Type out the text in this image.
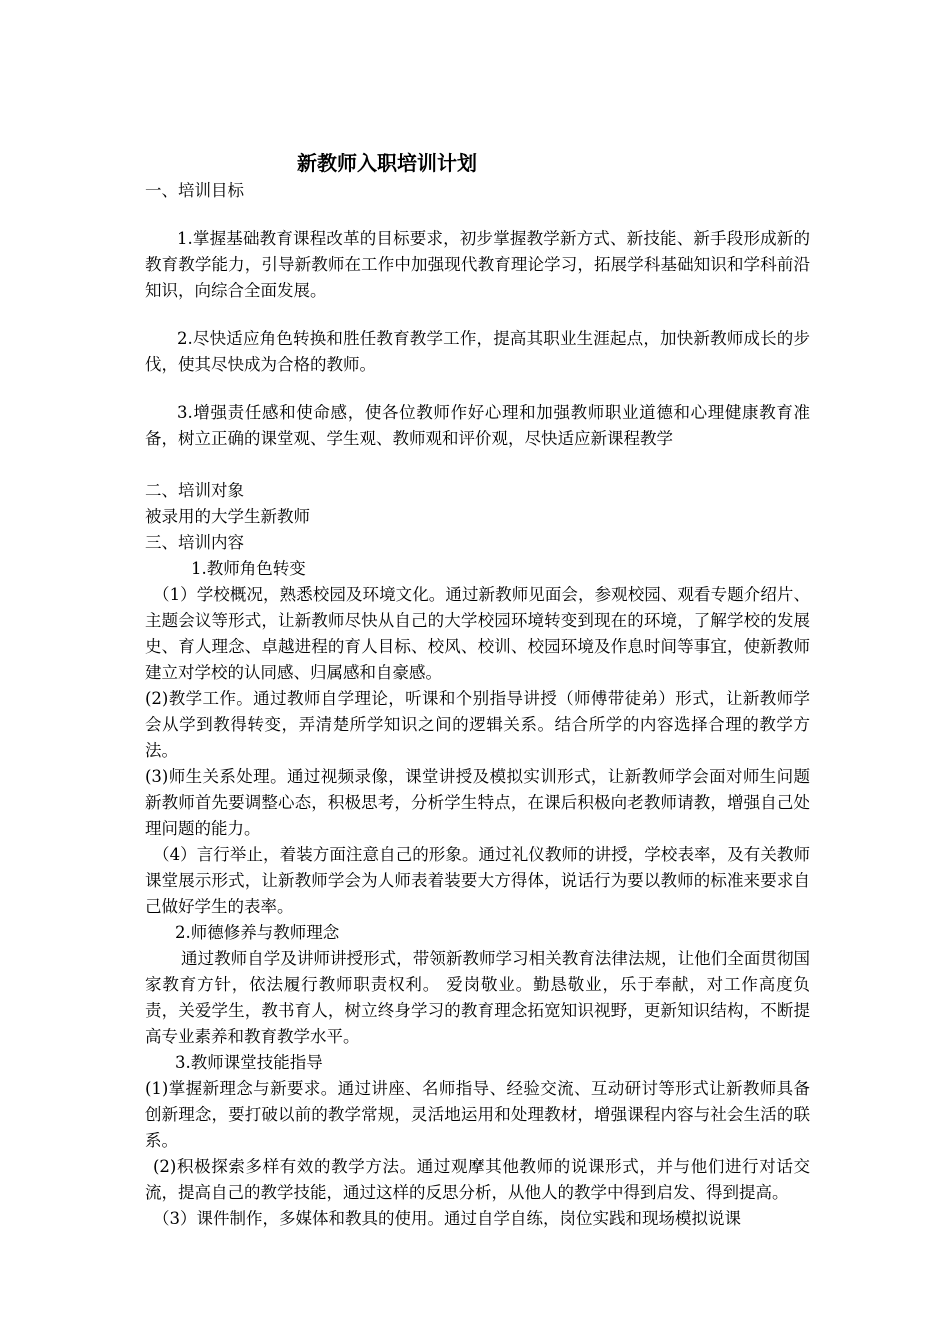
新教师入职培训计划

一、培训目标

1.掌握基础教育课程改革的目标要求，初步掌握教学新方式、新技能、新手段形成新的教育教学能力，引导新教师在工作中加强现代教育理论学习，拓展学科基础知识和学科前沿知识，向综合全面发展。

2.尽快适应角色转换和胜任教育教学工作，提高其职业生涯起点，加快新教师成长的步伐，使其尽快成为合格的教师。

3.增强责任感和使命感，使各位教师作好心理和加强教师职业道德和心理健康教育准备，树立正确的课堂观、学生观、教师观和评价观，尽快适应新课程教学

二、培训对象

被录用的大学生新教师

三、培训内容

1.教师角色转变

（1）学校概况，熟悉校园及环境文化。通过新教师见面会，参观校园、观看专题介绍片、主题会议等形式，让新教师尽快从自己的大学校园环境转变到现在的环境，了解学校的发展史、育人理念、卓越进程的育人目标、校风、校训、校园环境及作息时间等事宜，使新教师建立对学校的认同感、归属感和自豪感。

(2)教学工作。通过教师自学理论，听课和个别指导讲授（师傅带徒弟）形式，让新教师学会从学到教得转变，弄清楚所学知识之间的逻辑关系。结合所学的内容选择合理的教学方法。

(3)师生关系处理。通过视频录像，课堂讲授及模拟实训形式，让新教师学会面对师生问题新教师首先要调整心态，积极思考，分析学生特点，在课后积极向老教师请教，增强自己处理问题的能力。

（4）言行举止，着装方面注意自己的形象。通过礼仪教师的讲授，学校表率，及有关教师课堂展示形式，让新教师学会为人师表着装要大方得体，说话行为要以教师的标准来要求自己做好学生的表率。

2.师德修养与教师理念

通过教师自学及讲师讲授形式，带领新教师学习相关教育法律法规，让他们全面贯彻国家教育方针，依法履行教师职责权利。 爱岗敬业。勤恳敬业，乐于奉献，对工作高度负责，关爱学生，教书育人，树立终身学习的教育理念拓宽知识视野，更新知识结构，不断提高专业素养和教育教学水平。

3.教师课堂技能指导

(1)掌握新理念与新要求。通过讲座、名师指导、经验交流、互动研讨等形式让新教师具备创新理念，要打破以前的教学常规，灵活地运用和处理教材，增强课程内容与社会生活的联系。

(2)积极探索多样有效的教学方法。通过观摩其他教师的说课形式，并与他们进行对话交流，提高自己的教学技能，通过这样的反思分析，从他人的教学中得到启发、得到提高。

（3）课件制作，多媒体和教具的使用。通过自学自练，岗位实践和现场模拟说课
